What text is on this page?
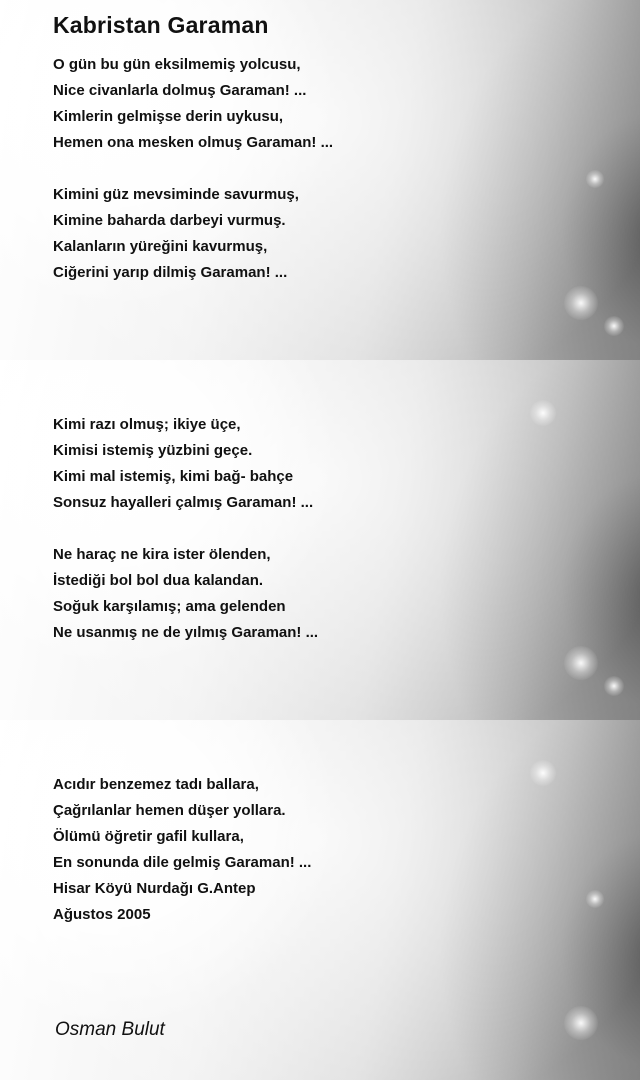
Kabristan Garaman
O gün bu gün eksilmemiş yolcusu,
Nice civanlarla dolmuş Garaman! ...
Kimlerin gelmişse derin uykusu,
Hemen ona mesken olmuş Garaman! ...
Kimini güz mevsiminde savurmuş,
Kimine baharda darbeyi vurmuş.
Kalanların yüreğini kavurmuş,
Ciğerini yarıp dilmiş Garaman! ...
Kimi razı olmuş; ikiye üçe,
Kimisi istemiş yüzbini geçe.
Kimi mal istemiş, kimi bağ- bahçe
Sonsuz hayalleri çalmış Garaman! ...
Ne haraç ne kira ister ölenden,
İstediği bol bol dua kalandan.
Soğuk karşılamış; ama gelenden
Ne usanmış ne de yılmış Garaman! ...
Acıdır benzemez tadı ballara,
Çağrılanlar hemen düşer yollara.
Ölümü öğretir gafil kullara,
En sonunda dile gelmiş Garaman! ...
Hisar Köyü Nurdağı G.Antep
Ağustos 2005
Osman Bulut
